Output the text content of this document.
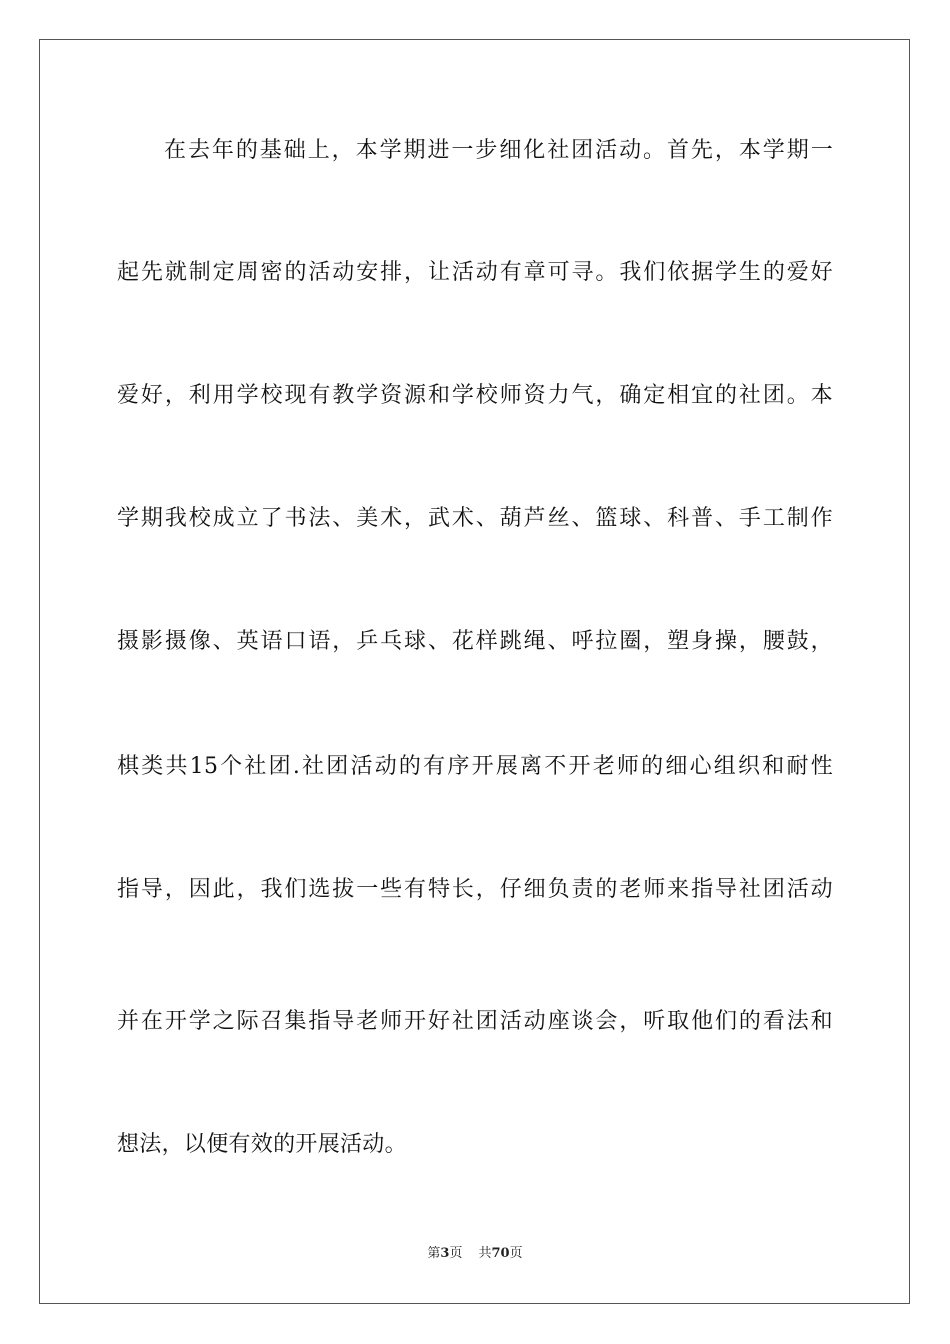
在去年的基础上，本学期进一步细化社团活动。首先，本学期一
起先就制定周密的活动安排，让活动有章可寻。我们依据学生的爱好
爱好，利用学校现有教学资源和学校师资力气，确定相宜的社团。本
学期我校成立了书法、美术，武术、葫芦丝、篮球、科普、手工制作
摄影摄像、英语口语，乒乓球、花样跳绳、呼拉圈，塑身操，腰鼓，
棋类共15个社团.社团活动的有序开展离不开老师的细心组织和耐性
指导，因此，我们选拔一些有特长，仔细负责的老师来指导社团活动
并在开学之际召集指导老师开好社团活动座谈会，听取他们的看法和
想法，以便有效的开展活动。
第3页 共70页
